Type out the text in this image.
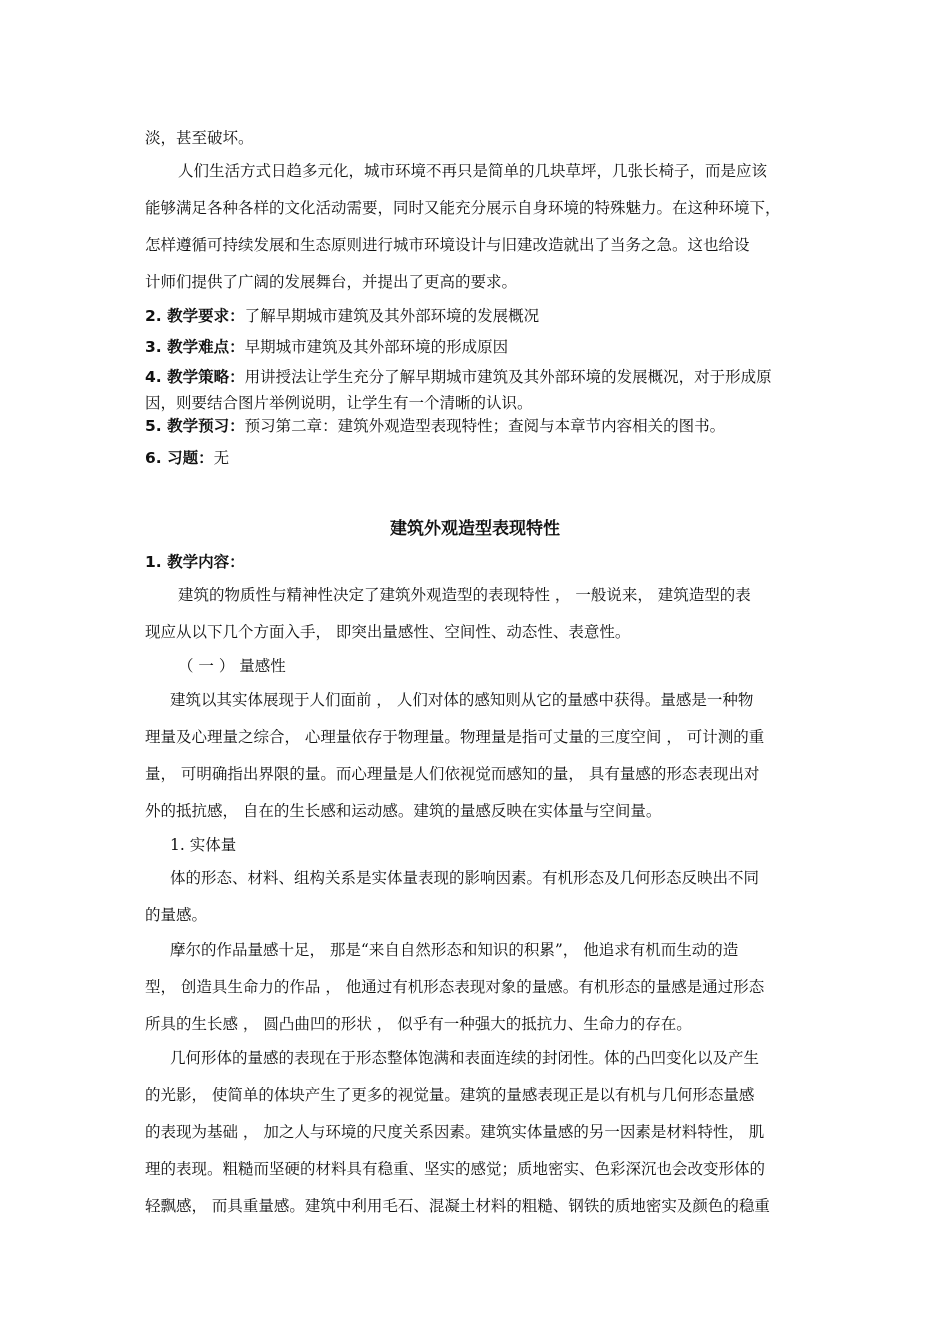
淡，甚至破坏。
人们生活方式日趋多元化，城市环境不再只是简单的几块草坪，几张长椅子，而是应该
能够满足各种各样的文化活动需要，同时又能充分展示自身环境的特殊魅力。在这种环境下，
怎样遵循可持续发展和生态原则进行城市环境设计与旧建改造就出了当务之急。这也给设
计师们提供了广阔的发展舞台，并提出了更高的要求。
2. 教学要求：了解早期城市建筑及其外部环境的发展概况
3. 教学难点：早期城市建筑及其外部环境的形成原因
4. 教学策略：用讲授法让学生充分了解早期城市建筑及其外部环境的发展概况，对于形成原
因，则要结合图片举例说明，让学生有一个清晰的认识。
5. 教学预习：预习第二章：建筑外观造型表现特性；查阅与本章节内容相关的图书。
6. 习题：无
建筑外观造型表现特性
1. 教学内容：
建筑的物质性与精神性决定了建筑外观造型的表现特性 ， 一般说来， 建筑造型的表
现应从以下几个方面入手， 即突出量感性、空间性、动态性、表意性。
（ 一 ） 量感性
建筑以其实体展现于人们面前 ， 人们对体的感知则从它的量感中获得。量感是一种物
理量及心理量之综合， 心理量依存于物理量。物理量是指可丈量的三度空间 ， 可计测的重
量， 可明确指出界限的量。而心理量是人们依视觉而感知的量， 具有量感的形态表现出对
外的抵抗感， 自在的生长感和运动感。建筑的量感反映在实体量与空间量。
1. 实体量
体的形态、材料、组构关系是实体量表现的影响因素。有机形态及几何形态反映出不同
的量感。
摩尔的作品量感十足， 那是“来自自然形态和知识的积累”， 他追求有机而生动的造
型， 创造具生命力的作品 ， 他通过有机形态表现对象的量感。有机形态的量感是通过形态
所具的生长感 ， 圆凸曲凹的形状 ， 似乎有一种强大的抵抗力、生命力的存在。
几何形体的量感的表现在于形态整体饱满和表面连续的封闭性。体的凸凹变化以及产生
的光影， 使简单的体块产生了更多的视觉量。建筑的量感表现正是以有机与几何形态量感
的表现为基础 ， 加之人与环境的尺度关系因素。建筑实体量感的另一因素是材料特性， 肌
理的表现。粗糙而坚硬的材料具有稳重、坚实的感觉；质地密实、色彩深沉也会改变形体的
轻飘感， 而具重量感。建筑中利用毛石、混凝土材料的粗糙、钢铁的质地密实及颜色的稳重
